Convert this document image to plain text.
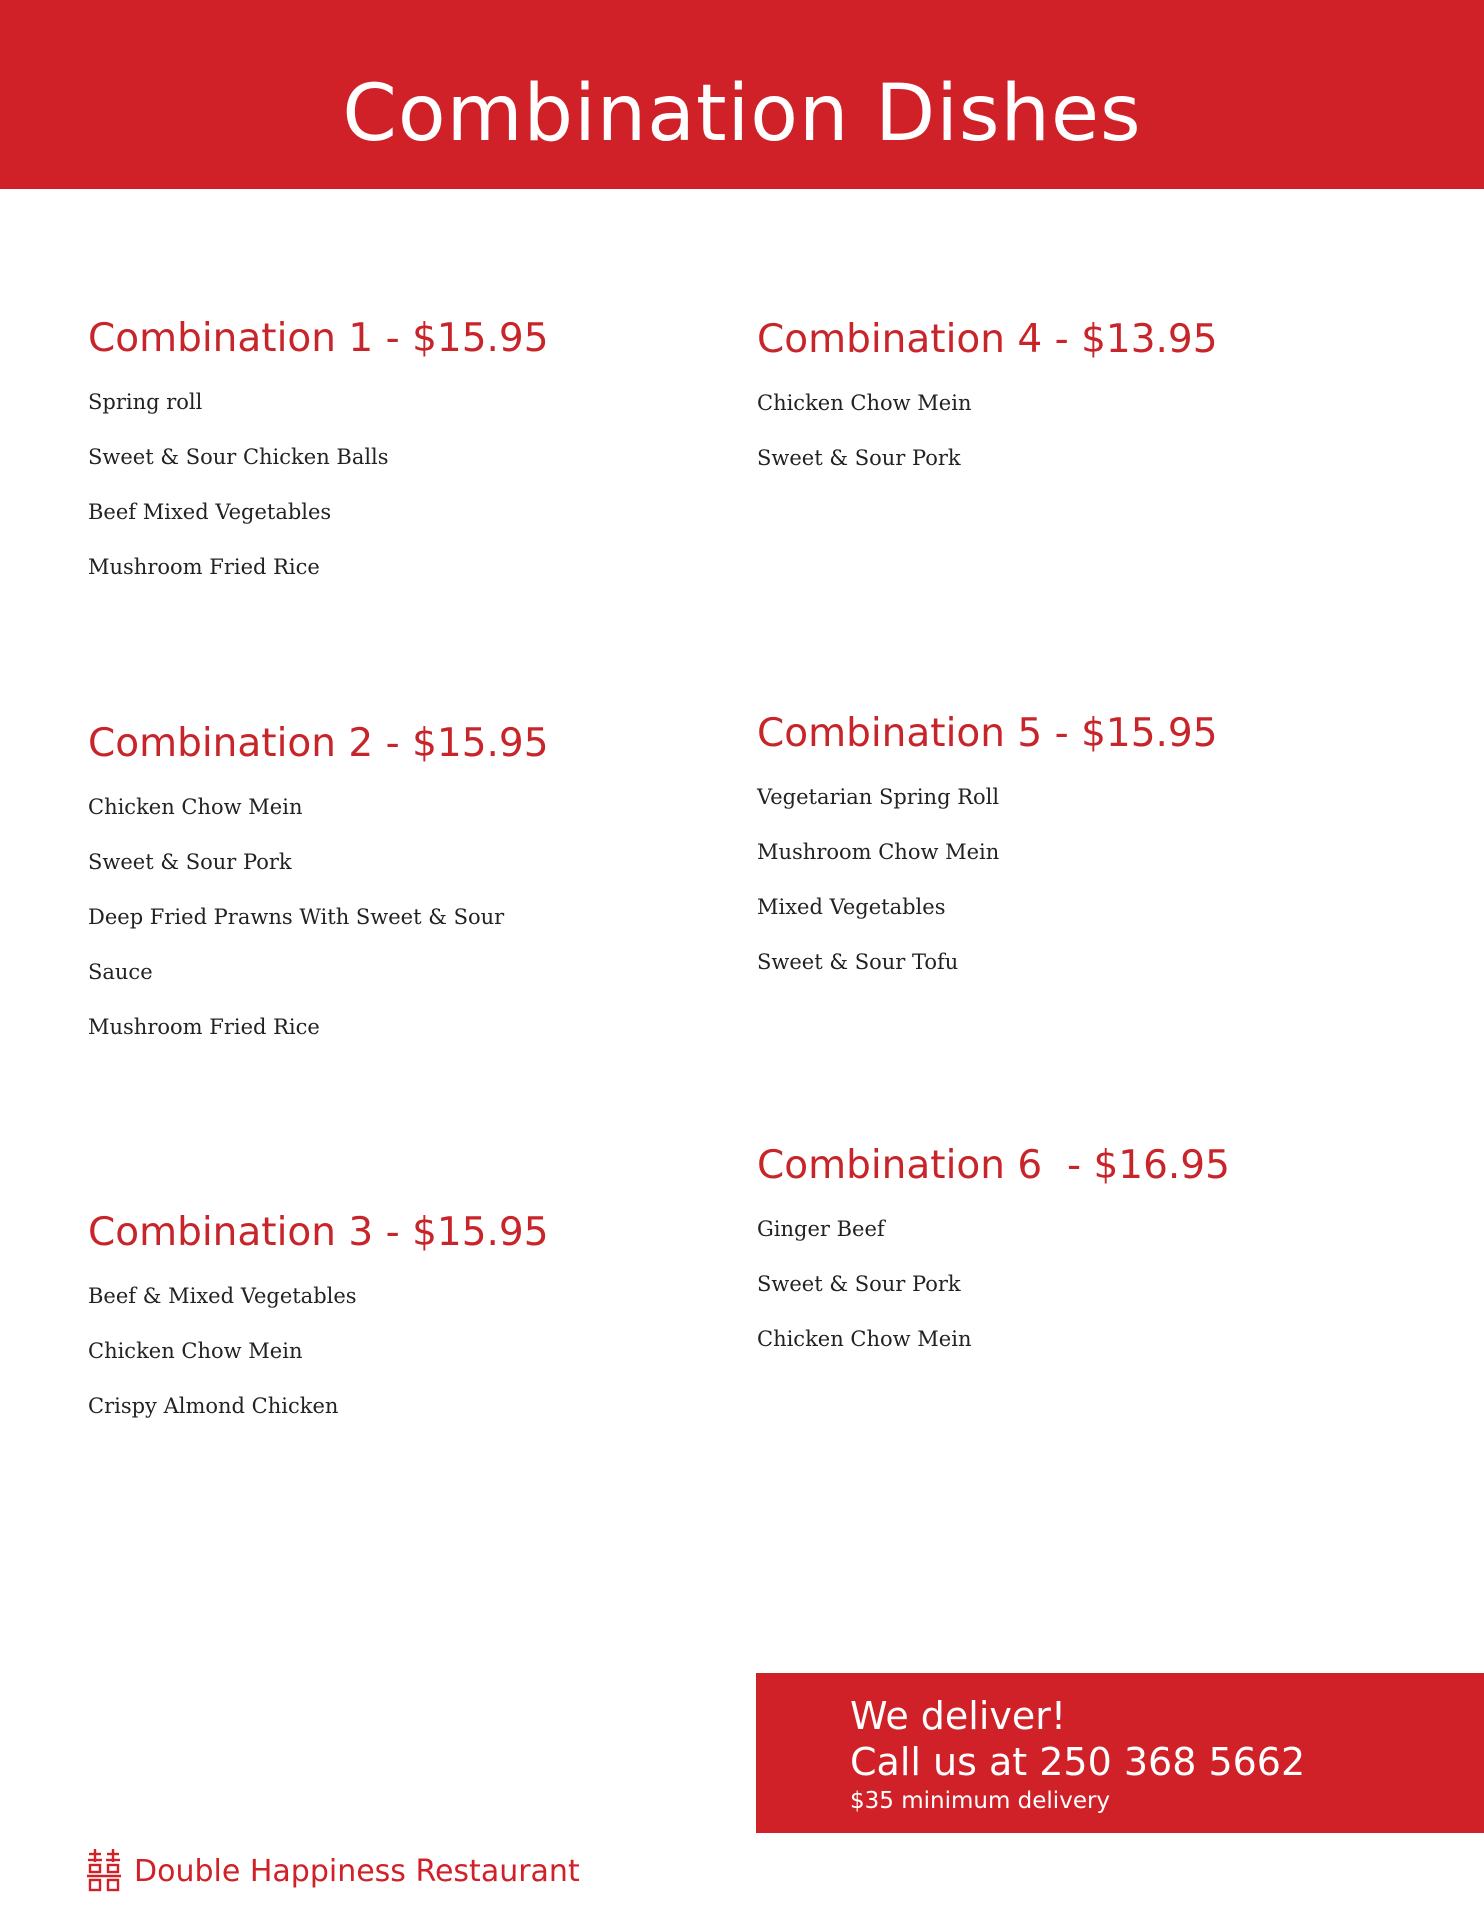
Combination Dishes
Combination 1 - $15.95
Spring roll
Sweet & Sour Chicken Balls
Beef Mixed Vegetables
Mushroom Fried Rice
Combination 2 - $15.95
Chicken Chow Mein
Sweet & Sour Pork
Deep Fried Prawns With Sweet & Sour
Sauce
Mushroom Fried Rice
Combination 3 - $15.95
Beef & Mixed Vegetables
Chicken Chow Mein
Crispy Almond Chicken
Combination 4 - $13.95
Chicken Chow Mein
Sweet & Sour Pork
Combination 5 - $15.95
Vegetarian Spring Roll
Mushroom Chow Mein
Mixed Vegetables
Sweet & Sour Tofu
Combination 6  - $16.95
Ginger Beef
Sweet & Sour Pork
Chicken Chow Mein
We deliver!
Call us at 250 368 5662
$35 minimum delivery
Double Happiness Restaurant
